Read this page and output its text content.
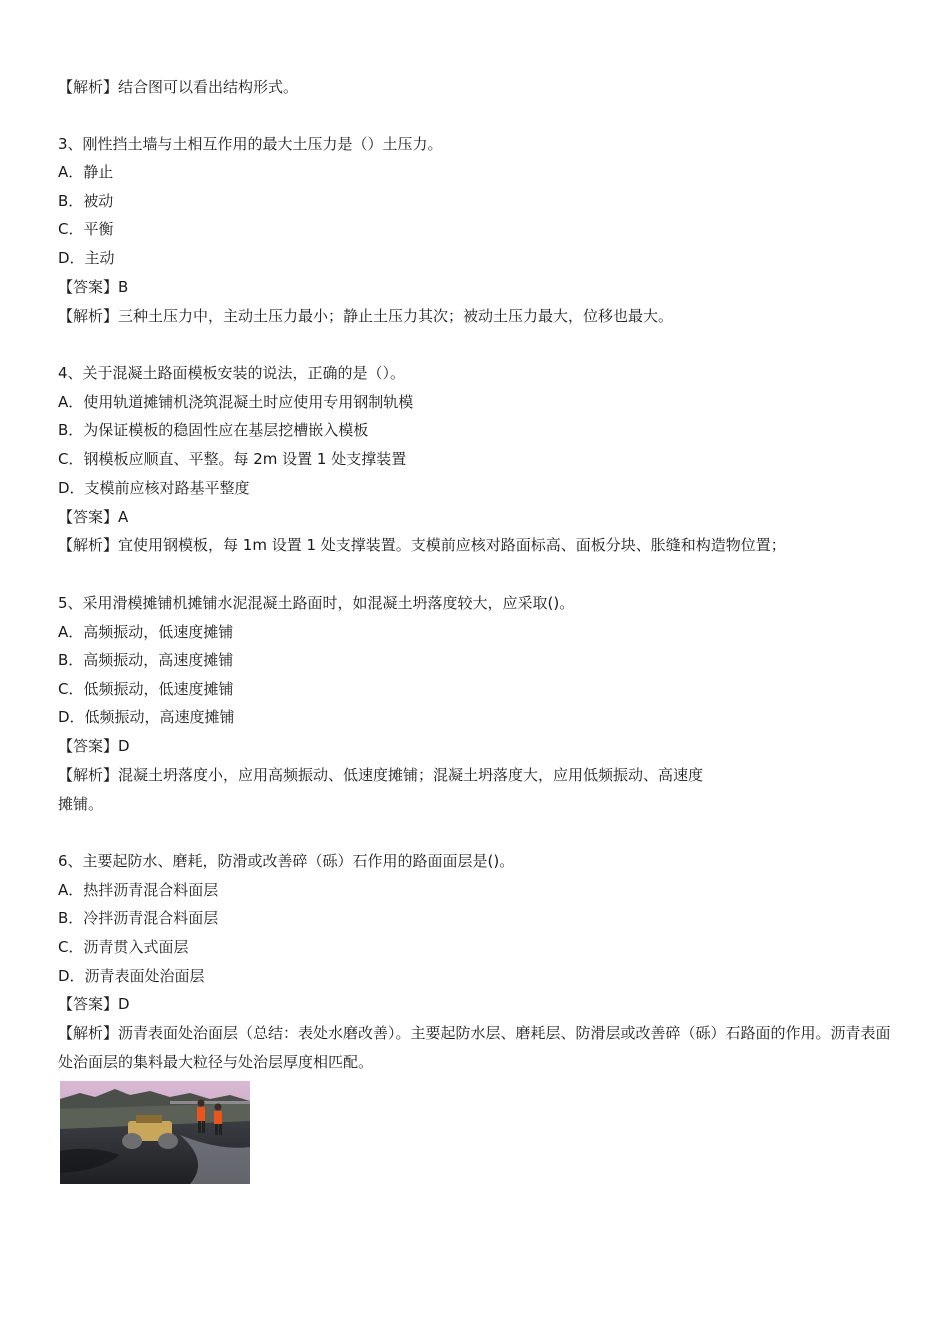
【解析】结合图可以看出结构形式。
3、刚性挡土墙与土相互作用的最大土压力是（）土压力。
A．静止
B．被动
C．平衡
D．主动
【答案】B
【解析】三种土压力中，主动土压力最小；静止土压力其次；被动土压力最大，位移也最大。
4、关于混凝土路面模板安装的说法，正确的是（）。
A．使用轨道摊铺机浇筑混凝土时应使用专用钢制轨模
B．为保证模板的稳固性应在基层挖槽嵌入模板
C．钢模板应顺直、平整。每 2m 设置 1 处支撑装置
D．支模前应核对路基平整度
【答案】A
【解析】宜使用钢模板，每 1m 设置 1 处支撑装置。支模前应核对路面标高、面板分块、胀缝和构造物位置；
5、采用滑模摊铺机摊铺水泥混凝土路面时，如混凝土坍落度较大，应采取()。
A．高频振动，低速度摊铺
B．高频振动，高速度摊铺
C．低频振动，低速度摊铺
D．低频振动，高速度摊铺
【答案】D
【解析】混凝土坍落度小，应用高频振动、低速度摊铺；混凝土坍落度大，应用低频振动、高速度
摊铺。
6、主要起防水、磨耗，防滑或改善碎（砾）石作用的路面面层是()。
A．热拌沥青混合料面层
B．冷拌沥青混合料面层
C．沥青贯入式面层
D．沥青表面处治面层
【答案】D
【解析】沥青表面处治面层（总结：表处水磨改善）。主要起防水层、磨耗层、防滑层或改善碎（砾）石路面的作用。沥青表面处治面层的集料最大粒径与处治层厚度相匹配。
